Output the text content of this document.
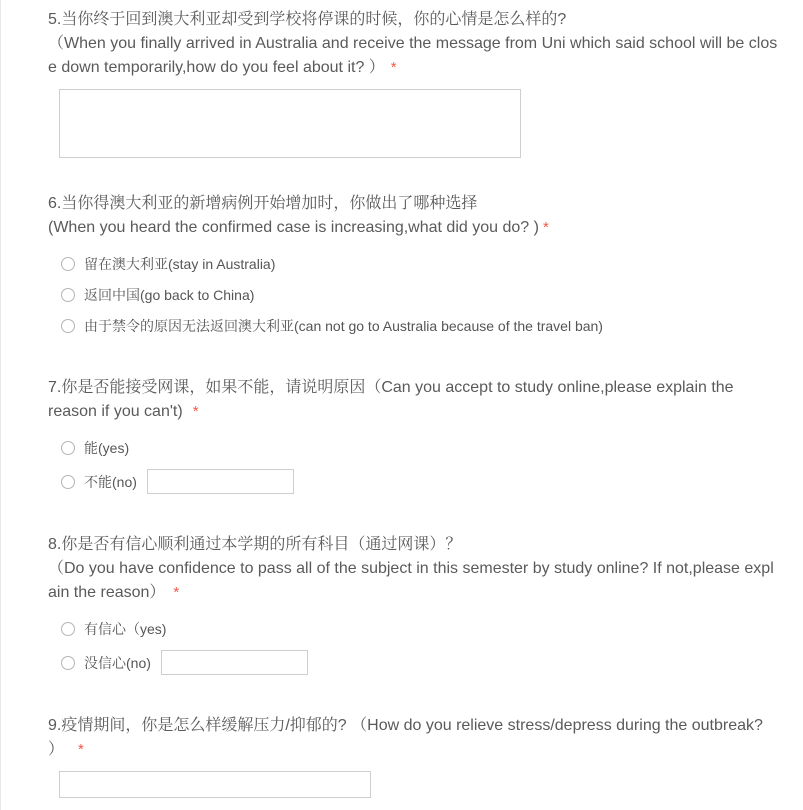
5.当你终于回到澳大利亚却受到学校将停课的时候，你的心情是怎么样的?
（When you finally arrived in Australia and receive the message from Uni which said school will be clos
e down temporarily,how do you feel about it? ） *

6.当你得澳大利亚的新增病例开始增加时，你做出了哪种选择
(When you heard the confirmed case is increasing,what did you do? ) *

留在澳大利亚(stay in Australia)
返回中国(go back to China)
由于禁令的原因无法返回澳大利亚(can not go to Australia because of the travel ban)

7.你是否能接受网课，如果不能，请说明原因（Can you accept to study online,please explain the
reason if you can't) *

能(yes)
不能(no)

8.你是否有信心顺利通过本学期的所有科目（通过网课）？
（Do you have confidence to pass all of the subject in this semester by study online? If not,please expl
ain the reason） *

有信心（yes)
没信心(no)

9.疫情期间，你是怎么样缓解压力/抑郁的? （How do you relieve stress/depress during the outbreak?
） *
